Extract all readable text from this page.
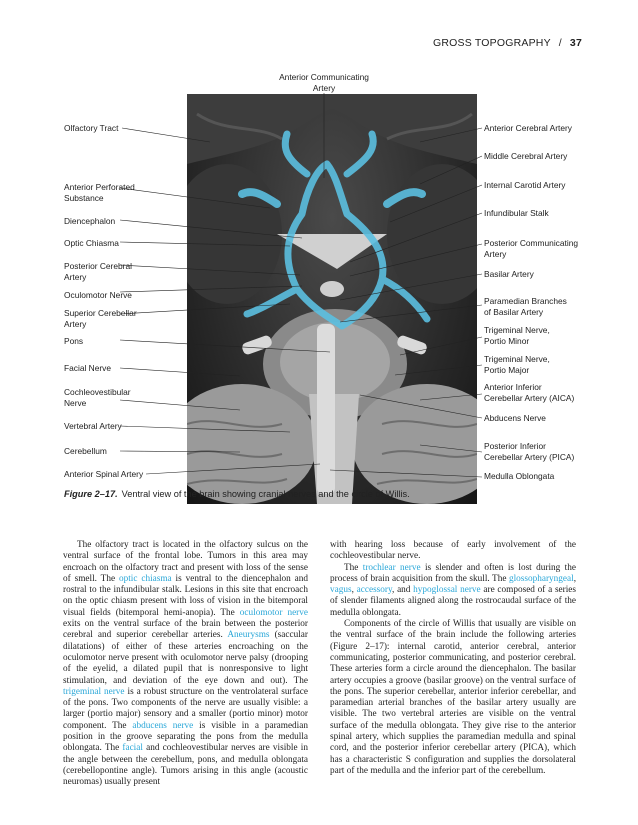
GROSS TOPOGRAPHY / 37
Anterior Communicating
Artery
Olfactory Tract
Anterior Perforated
Substance
Diencephalon
Optic Chiasma
Posterior Cerebral
Artery
Oculomotor Nerve
Superior Cerebellar
Artery
Pons
Facial Nerve
Cochleovestibular
Nerve
Vertebral Artery
Cerebellum
Anterior Spinal Artery
Anterior Cerebral Artery
Middle Cerebral Artery
Internal Carotid Artery
Infundibular Stalk
Posterior Communicating
Artery
Basilar Artery
Paramedian Branches
of Basilar Artery
Trigeminal Nerve,
Portio Minor
Trigeminal Nerve,
Portio Major
Anterior Inferior
Cerebellar Artery (AICA)
Abducens Nerve
Posterior Inferior
Cerebellar Artery (PICA)
Medulla Oblongata
Figure 2–17. Ventral view of the brain showing cranial nerves and the circle of Willis.

The olfactory tract is located in the olfactory sulcus on the ventral surface of the frontal lobe. Tumors in this area may encroach on the olfactory tract and present with loss of the sense of smell. The optic chiasma is ventral to the diencephalon and rostral to the infundibular stalk. Lesions in this site that encroach on the optic chiasm present with loss of vision in the bitemporal visual fields (bitemporal hemi-anopia). The oculomotor nerve exits on the ventral surface of the brain between the posterior cerebral and superior cerebellar arteries. Aneurysms (saccular dilatations) of either of these arteries encroaching on the oculomotor nerve present with oculomotor nerve palsy (drooping of the eyelid, a dilated pupil that is nonresponsive to light stimulation, and deviation of the eye down and out). The trigeminal nerve is a robust structure on the ventrolateral surface of the pons. Two components of the nerve are usually visible: a larger (portio major) sensory and a smaller (portio minor) motor component. The abducens nerve is visible in a paramedian position in the groove separating the pons from the medulla oblongata. The facial and cochleovestibular nerves are visible in the angle between the cerebellum, pons, and medulla oblongata (cerebellopontine angle). Tumors arising in this angle (acoustic neuromas) usually present

with hearing loss because of early involvement of the cochleovestibular nerve.

The trochlear nerve is slender and often is lost during the process of brain acquisition from the skull. The glossopharyngeal, vagus, accessory, and hypoglossal nerve are composed of a series of slender filaments aligned along the rostrocaudal surface of the medulla oblongata.

Components of the circle of Willis that usually are visible on the ventral surface of the brain include the following arteries (Figure 2–17): internal carotid, anterior cerebral, anterior communicating, posterior communicating, and posterior cerebral. These arteries form a circle around the diencephalon. The basilar artery occupies a groove (basilar groove) on the ventral surface of the pons. The superior cerebellar, anterior inferior cerebellar, and paramedian arterial branches of the basilar artery usually are visible. The two vertebral arteries are visible on the ventral surface of the medulla oblongata. They give rise to the anterior spinal artery, which supplies the paramedian medulla and spinal cord, and the posterior inferior cerebellar artery (PICA), which has a characteristic S configuration and supplies the dorsolateral part of the medulla and the inferior part of the cerebellum.
